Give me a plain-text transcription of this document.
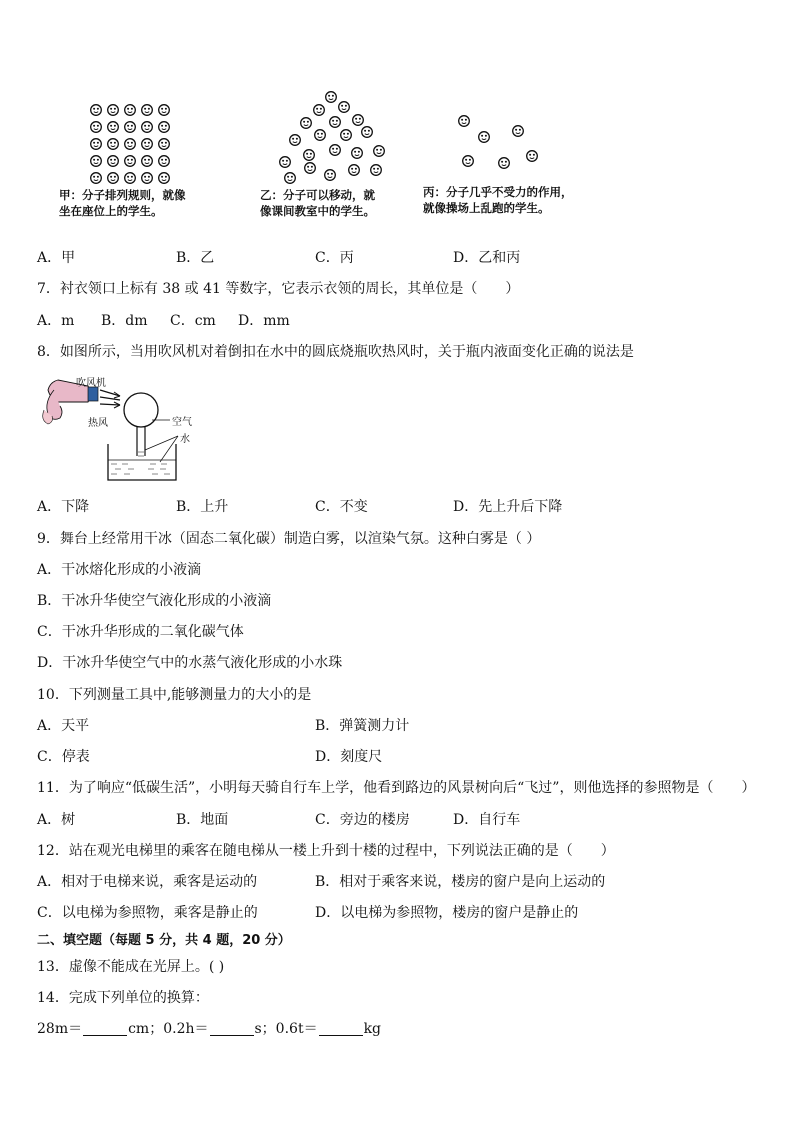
甲：分子排列规则，就像
坐在座位上的学生。
乙：分子可以移动，就
像课间教室中的学生。
丙：分子几乎不受力的作用，
就像操场上乱跑的学生。
A．甲	B．乙	C．丙	D．乙和丙
7．衬衣领口上标有 38 或 41 等数字，它表示衣领的周长，其单位是（　　）
A．m B．dm C．cm D．mm
8．如图所示，当用吹风机对着倒扣在水中的圆底烧瓶吹热风时，关于瓶内液面变化正确的说法是
吹风机
热风	空气
水
A．下降	B．上升	C．不变	D．先上升后下降
9．舞台上经常用干冰（固态二氧化碳）制造白雾，以渲染气氛。这种白雾是（ ）
A．干冰熔化形成的小液滴
B．干冰升华使空气液化形成的小液滴
C．干冰升华形成的二氧化碳气体
D．干冰升华使空气中的水蒸气液化形成的小水珠
10．下列测量工具中,能够测量力的大小的是
A．天平	B．弹簧测力计
C．停表	D．刻度尺
11．为了响应“低碳生活”，小明每天骑自行车上学，他看到路边的风景树向后“飞过”，则他选择的参照物是（　　）
A．树	B．地面	C．旁边的楼房	D．自行车
12．站在观光电梯里的乘客在随电梯从一楼上升到十楼的过程中，下列说法正确的是（　　）
A．相对于电梯来说，乘客是运动的	B．相对于乘客来说，楼房的窗户是向上运动的
C．以电梯为参照物，乘客是静止的	D．以电梯为参照物，楼房的窗户是静止的
二、填空题（每题 5 分，共 4 题，20 分）
13．虚像不能成在光屏上。( )
14．完成下列单位的换算：
28m＝	cm；0.2h＝	s；0.6t＝	kg
